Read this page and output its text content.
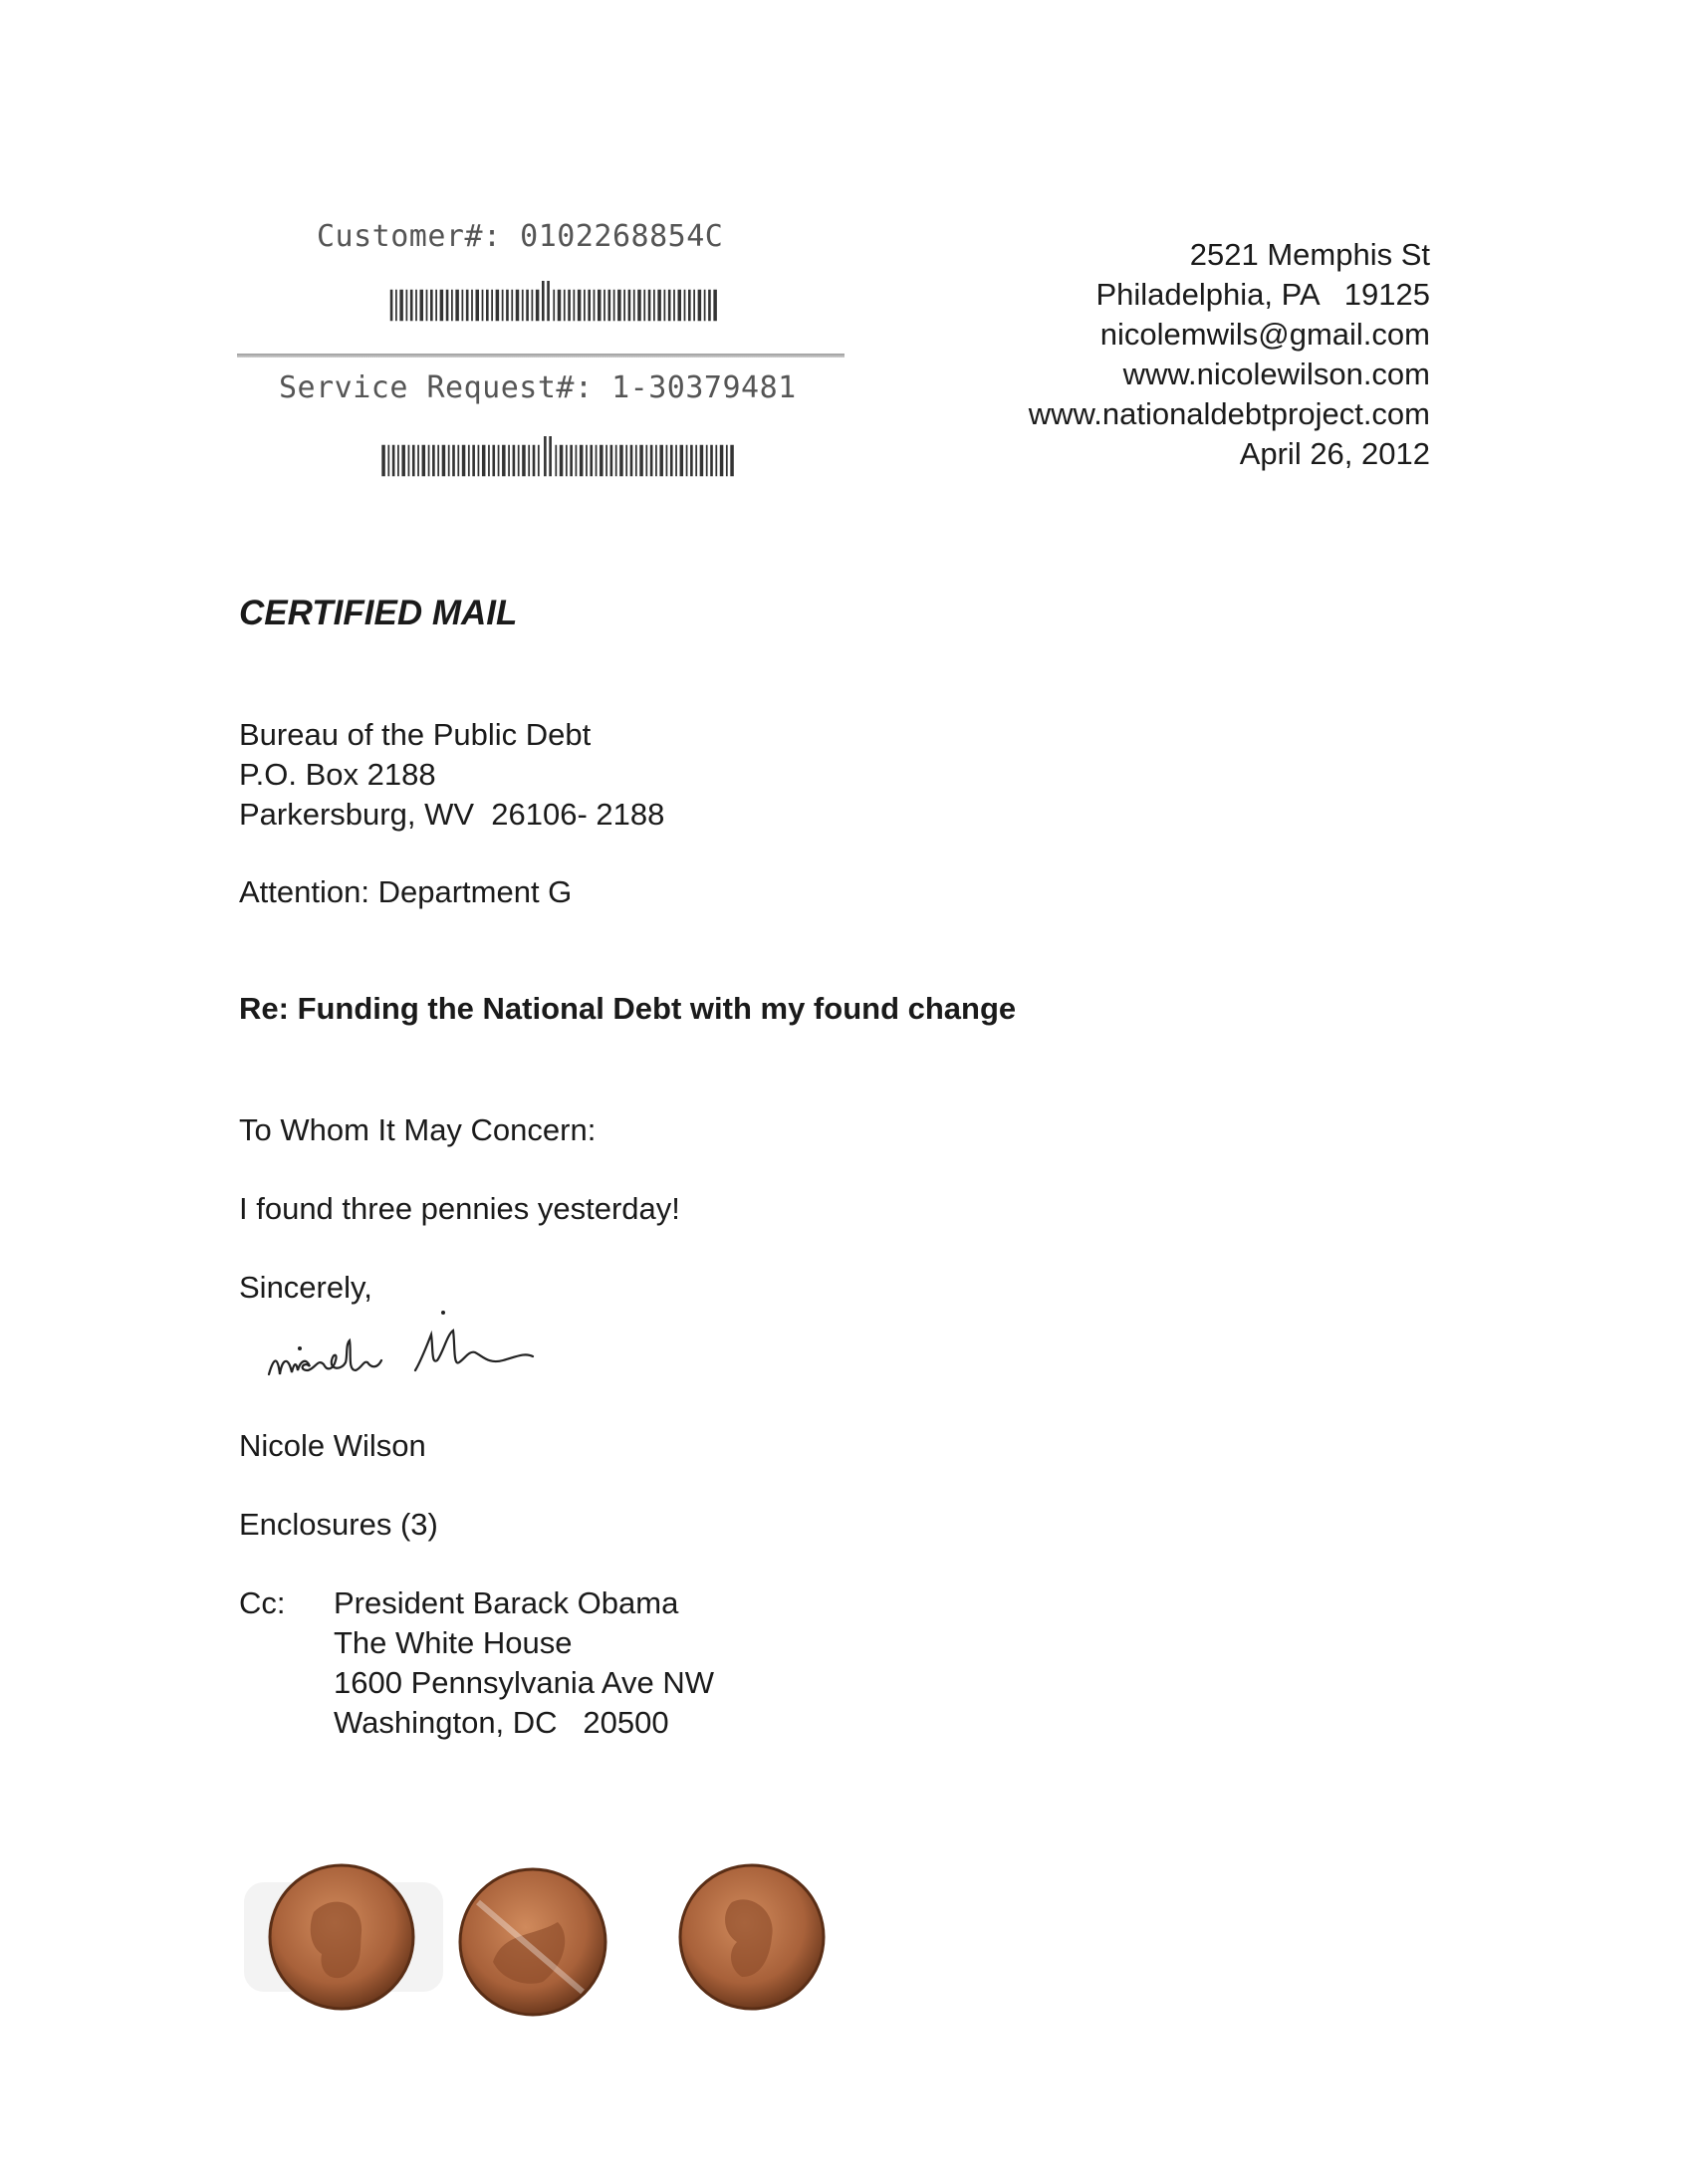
Customer#: 0102268854C
Service Request#: 1-30379481
2521 Memphis St
Philadelphia, PA   19125
nicolemwils@gmail.com
www.nicolewilson.com
www.nationaldebtproject.com
April 26, 2012
CERTIFIED MAIL
Bureau of the Public Debt
P.O. Box 2188
Parkersburg, WV  26106- 2188
Attention: Department G
Re: Funding the National Debt with my found change
To Whom It May Concern:
I found three pennies yesterday!
Sincerely,
Nicole Wilson
Enclosures (3)
Cc: President Barack Obama
The White House
1600 Pennsylvania Ave NW
Washington, DC   20500
